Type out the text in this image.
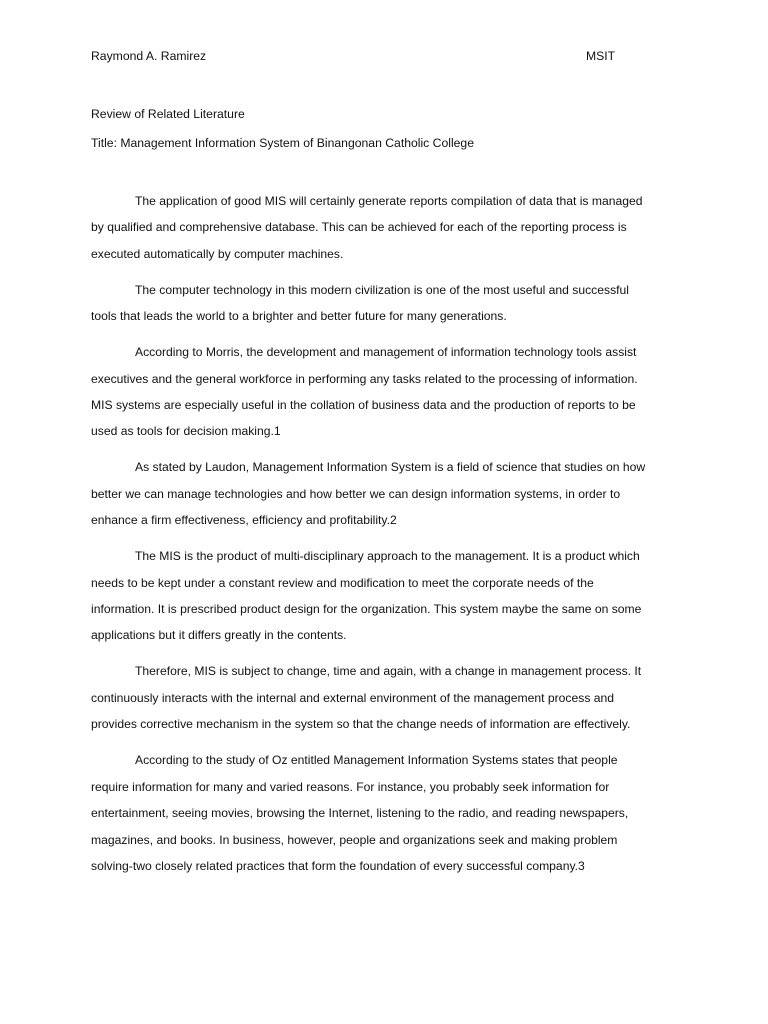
Raymond A. Ramirez	MSIT
Review of Related Literature
Title: Management Information System of Binangonan Catholic College
The application of good MIS will certainly generate reports compilation of data that is managed
by qualified and comprehensive database. This can be achieved for each of the reporting process is
executed automatically by computer machines.
The computer technology in this modern civilization is one of the most useful and successful
tools that leads the world to a brighter and better future for many generations.
According to Morris, the development and management of information technology tools assist
executives and the general workforce in performing any tasks related to the processing of information.
MIS systems are especially useful in the collation of business data and the production of reports to be
used as tools for decision making.1
As stated by Laudon, Management Information System is a field of science that studies on how
better we can manage technologies and how better we can design information systems, in order to
enhance a firm effectiveness, efficiency and profitability.2
The MIS is the product of multi-disciplinary approach to the management. It is a product which
needs to be kept under a constant review and modification to meet the corporate needs of the
information. It is prescribed product design for the organization. This system maybe the same on some
applications but it differs greatly in the contents.
Therefore, MIS is subject to change, time and again, with a change in management process. It
continuously interacts with the internal and external environment of the management process and
provides corrective mechanism in the system so that the change needs of information are effectively.
According to the study of Oz entitled Management Information Systems states that people
require information for many and varied reasons. For instance, you probably seek information for
entertainment, seeing movies, browsing the Internet, listening to the radio, and reading newspapers,
magazines, and books. In business, however, people and organizations seek and making problem
solving-two closely related practices that form the foundation of every successful company.3
